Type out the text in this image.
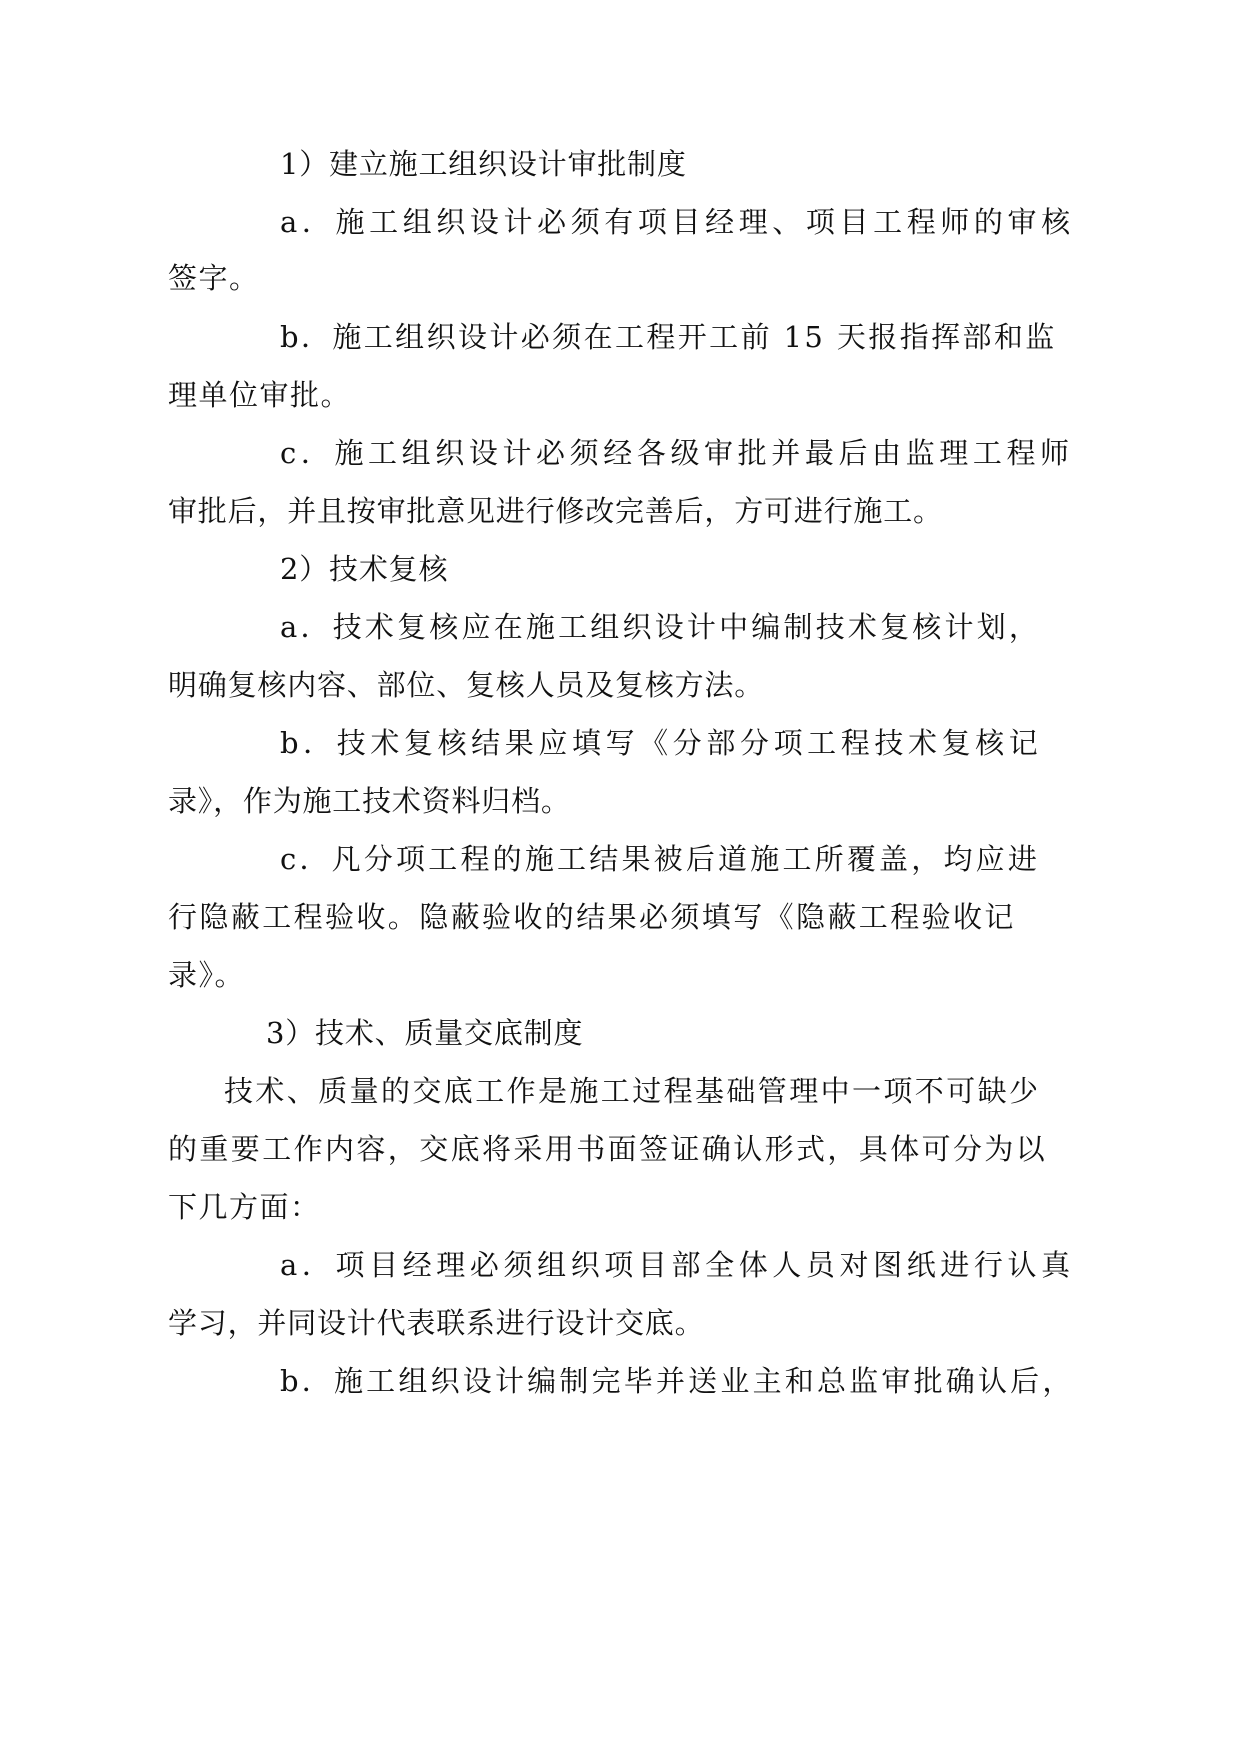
1）建立施工组织设计审批制度
a．施工组织设计必须有项目经理、项目工程师的审核
签字。
b．施工组织设计必须在工程开工前 15 天报指挥部和监
理单位审批。
c．施工组织设计必须经各级审批并最后由监理工程师
审批后，并且按审批意见进行修改完善后，方可进行施工。
2）技术复核
a．技术复核应在施工组织设计中编制技术复核计划，
明确复核内容、部位、复核人员及复核方法。
b．技术复核结果应填写《分部分项工程技术复核记
录》，作为施工技术资料归档。
c．凡分项工程的施工结果被后道施工所覆盖，均应进
行隐蔽工程验收。隐蔽验收的结果必须填写《隐蔽工程验收记
录》。
3）技术、质量交底制度
技术、质量的交底工作是施工过程基础管理中一项不可缺少
的重要工作内容，交底将采用书面签证确认形式，具体可分为以
下几方面：
a．项目经理必须组织项目部全体人员对图纸进行认真
学习，并同设计代表联系进行设计交底。
b．施工组织设计编制完毕并送业主和总监审批确认后，
